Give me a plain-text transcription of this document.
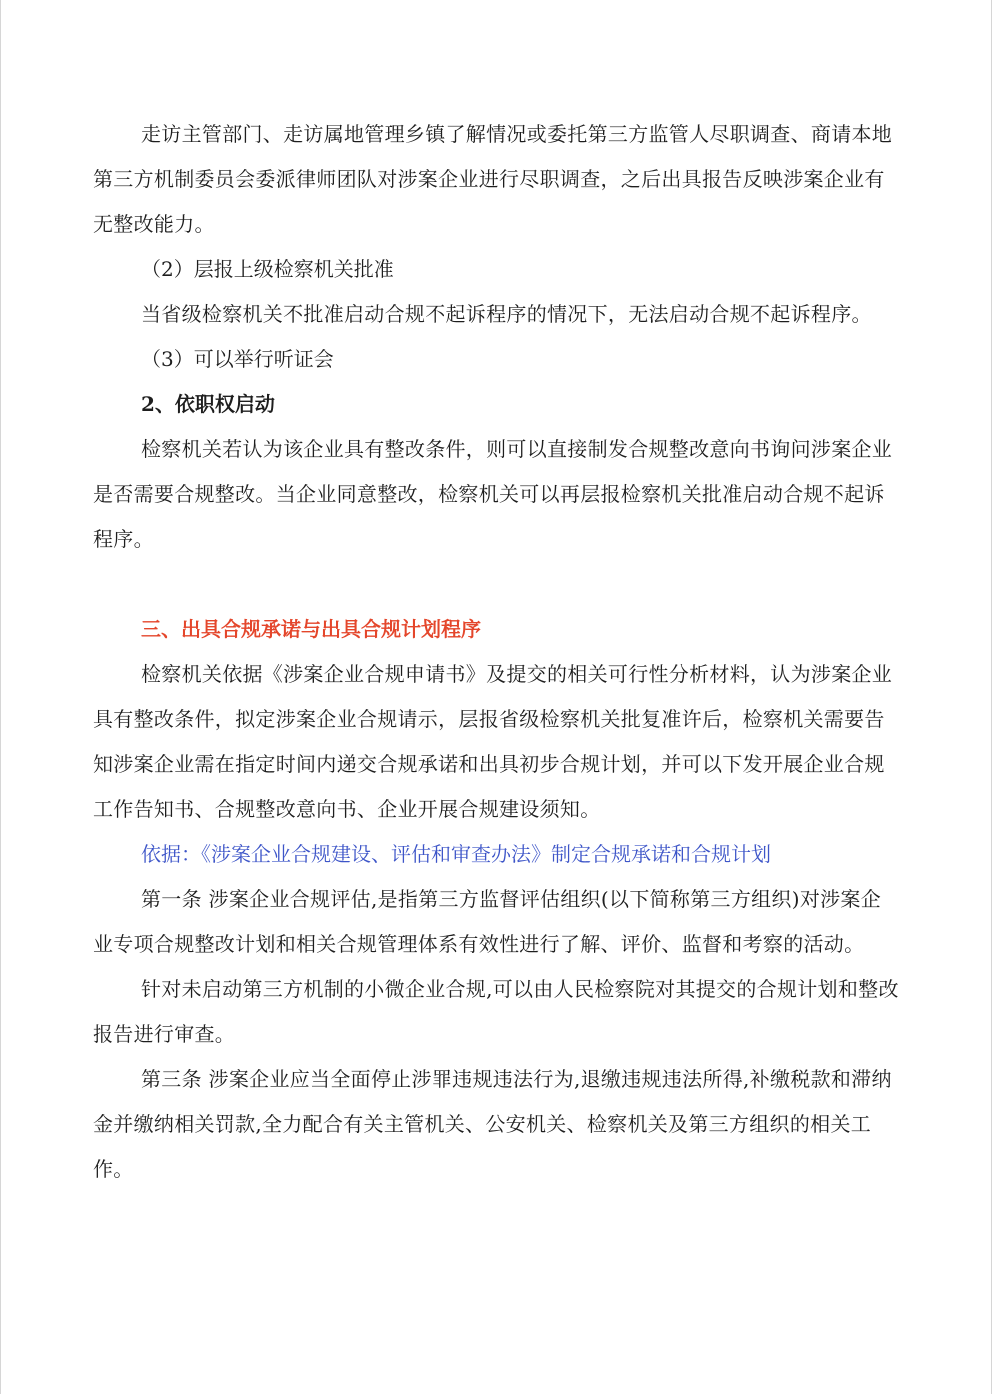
走访主管部门、走访属地管理乡镇了解情况或委托第三方监管人尽职调查、商请本地第三方机制委员会委派律师团队对涉案企业进行尽职调查，之后出具报告反映涉案企业有无整改能力。

（2）层报上级检察机关批准

当省级检察机关不批准启动合规不起诉程序的情况下，无法启动合规不起诉程序。

（3）可以举行听证会

2、依职权启动

检察机关若认为该企业具有整改条件，则可以直接制发合规整改意向书询问涉案企业是否需要合规整改。当企业同意整改，检察机关可以再层报检察机关批准启动合规不起诉程序。

三、出具合规承诺与出具合规计划程序

检察机关依据《涉案企业合规申请书》及提交的相关可行性分析材料，认为涉案企业具有整改条件，拟定涉案企业合规请示，层报省级检察机关批复准许后，检察机关需要告知涉案企业需在指定时间内递交合规承诺和出具初步合规计划，并可以下发开展企业合规工作告知书、合规整改意向书、企业开展合规建设须知。

依据：《涉案企业合规建设、评估和审查办法》制定合规承诺和合规计划

第一条 涉案企业合规评估,是指第三方监督评估组织(以下简称第三方组织)对涉案企业专项合规整改计划和相关合规管理体系有效性进行了解、评价、监督和考察的活动。

针对未启动第三方机制的小微企业合规,可以由人民检察院对其提交的合规计划和整改报告进行审查。

第三条 涉案企业应当全面停止涉罪违规违法行为,退缴违规违法所得,补缴税款和滞纳金并缴纳相关罚款,全力配合有关主管机关、公安机关、检察机关及第三方组织的相关工作。
